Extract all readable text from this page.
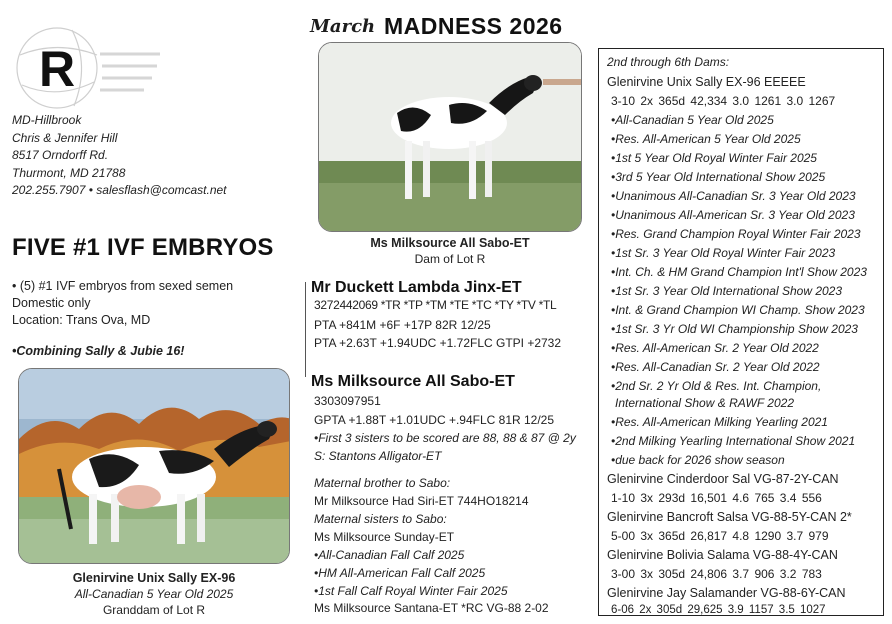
March MADNESS 2026
R
MD-Hillbrook
Chris & Jennifer Hill
8517 Orndorff Rd.
Thurmont, MD 21788
202.255.7907 • salesflash@comcast.net
FIVE #1 IVF EMBRYOS
• (5) #1 IVF embryos from sexed semen
Domestic only
Location: Trans Ova, MD
•Combining Sally & Jubie 16!
Glenirvine Unix Sally EX-96
All-Canadian 5 Year Old 2025
Granddam of Lot R
Ms Milksource All Sabo-ET
Dam of Lot R
Mr Duckett Lambda Jinx-ET
3272442069 *TR *TP *TM *TE *TC *TY *TV *TL
PTA +841M +6F +17P 82R 12/25
PTA +2.63T +1.94UDC +1.72FLC GTPI +2732
Ms Milksource All Sabo-ET
3303097951
GPTA +1.88T +1.01UDC +.94FLC 81R 12/25
•First 3 sisters to be scored are 88, 88 & 87 @ 2y
S: Stantons Alligator-ET
Maternal brother to Sabo:
Mr Milksource Had Siri-ET 744HO18214
Maternal sisters to Sabo:
Ms Milksource Sunday-ET
•All-Canadian Fall Calf 2025
•HM All-American Fall Calf 2025
•1st Fall Calf Royal Winter Fair 2025
Ms Milksource Santana-ET *RC VG-88 2-02
2nd through 6th Dams:
Glenirvine Unix Sally EX-96 EEEEE
3-10 2x 365d 42,334 3.0 1261 3.0 1267
•All-Canadian 5 Year Old 2025
•Res. All-American 5 Year Old 2025
•1st 5 Year Old Royal Winter Fair 2025
•3rd 5 Year Old International Show 2025
•Unanimous All-Canadian Sr. 3 Year Old 2023
•Unanimous All-American Sr. 3 Year Old 2023
•Res. Grand Champion Royal Winter Fair 2023
•1st Sr. 3 Year Old Royal Winter Fair 2023
•Int. Ch. & HM Grand Champion Int'l Show 2023
•1st Sr. 3 Year Old International Show 2023
•Int. & Grand Champion WI Champ. Show 2023
•1st Sr. 3 Yr Old WI Championship Show 2023
•Res. All-American Sr. 2 Year Old 2022
•Res. All-Canadian Sr. 2 Year Old 2022
•2nd Sr. 2 Yr Old & Res. Int. Champion,
International Show & RAWF 2022
•Res. All-American Milking Yearling 2021
•2nd Milking Yearling International Show 2021
•due back for 2026 show season
Glenirvine Cinderdoor Sal VG-87-2Y-CAN
1-10 3x 293d 16,501 4.6 765 3.4 556
Glenirvine Bancroft Salsa VG-88-5Y-CAN 2*
5-00 3x 365d 26,817 4.8 1290 3.7 979
Glenirvine Bolivia Salama VG-88-4Y-CAN
3-00 3x 305d 24,806 3.7 906 3.2 783
Glenirvine Jay Salamander VG-88-6Y-CAN
6-06 2x 305d 29,625 3.9 1157 3.5 1027
